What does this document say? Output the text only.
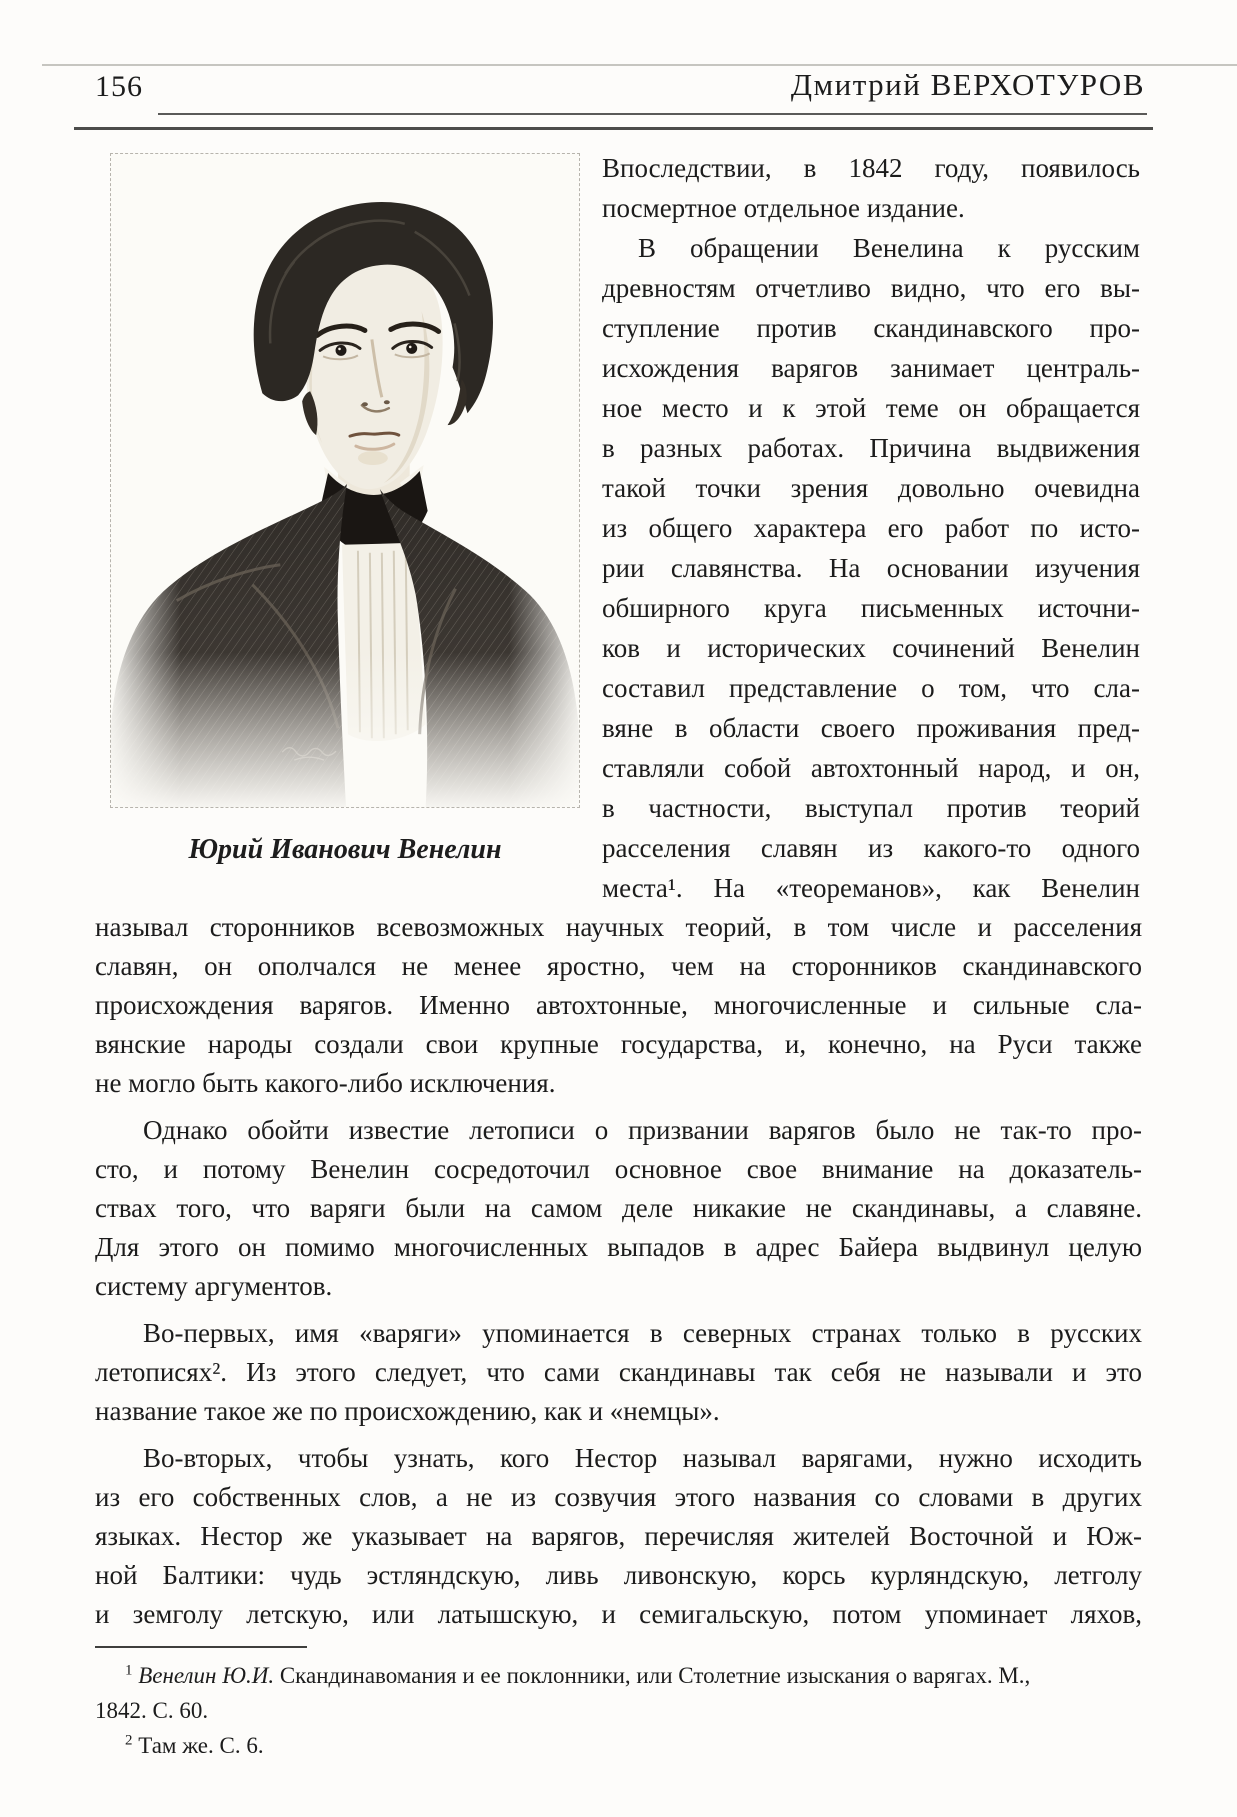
156	Дмитрий ВЕРХОТУРОВ
Юрий Иванович Венелин
Впоследствии, в 1842 году, появилось
посмертное отдельное издание.
В обращении Венелина к русским
древностям отчетливо видно, что его вы-
ступление против скандинавского про-
исхождения варягов занимает централь-
ное место и к этой теме он обращается
в разных работах. Причина выдвижения
такой точки зрения довольно очевидна
из общего характера его работ по исто-
рии славянства. На основании изучения
обширного круга письменных источни-
ков и исторических сочинений Венелин
составил представление о том, что сла-
вяне в области своего проживания пред-
ставляли собой автохтонный народ, и он,
в частности, выступал против теорий
расселения славян из какого-то одного
места¹. На «теореманов», как Венелин
называл сторонников всевозможных научных теорий, в том числе и расселения
славян, он ополчался не менее яростно, чем на сторонников скандинавского
происхождения варягов. Именно автохтонные, многочисленные и сильные сла-
вянские народы создали свои крупные государства, и, конечно, на Руси также
не могло быть какого-либо исключения.
Однако обойти известие летописи о призвании варягов было не так-то про-
сто, и потому Венелин сосредоточил основное свое внимание на доказатель-
ствах того, что варяги были на самом деле никакие не скандинавы, а славяне.
Для этого он помимо многочисленных выпадов в адрес Байера выдвинул целую
систему аргументов.
Во-первых, имя «варяги» упоминается в северных странах только в русских
летописях². Из этого следует, что сами скандинавы так себя не называли и это
название такое же по происхождению, как и «немцы».
Во-вторых, чтобы узнать, кого Нестор называл варягами, нужно исходить
из его собственных слов, а не из созвучия этого названия со словами в других
языках. Нестор же указывает на варягов, перечисляя жителей Восточной и Юж-
ной Балтики: чудь эстляндскую, ливь ливонскую, корсь курляндскую, летголу
и земголу летскую, или латышскую, и семигальскую, потом упоминает ляхов,
$^1$ Венелин Ю.И. Скандинавомания и ее поклонники, или Столетние изыскания о варягах. М.,
1842. С. 60.
$^2$ Там же. С. 6.
